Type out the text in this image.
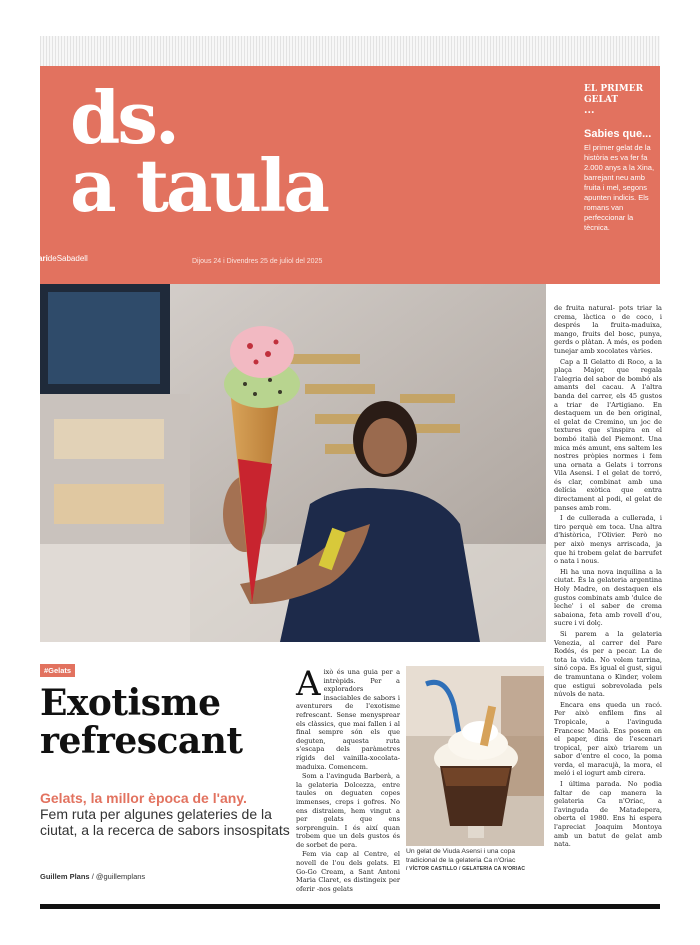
ds.
a taula
DiarideSabadell	Dijous 24 i Divendres 25 de juliol del 2025
EL PRIMER GELAT
...
Sabies que...
El primer gelat de la història es va fer fa 2.000 anys a la Xina, barrejant neu amb fruita i mel, segons apunten indicis. Els romans van perfeccionar la tècnica.

de fruita natural- pots triar la crema, làctica o de coco, i després la fruita-maduixa, mango, fruits del bosc, punya, gerds o plàtan. A més, es poden tunejar amb xocolates vàries.

Cap a Il Gelatto di Roco, a la plaça Major, que regala l'alegria del sabor de bombó als amants del cacau. A l'altra banda del carrer, els 45 gustos a triar de l'Artigiano. En destaquem un de ben original, el gelat de Cremino, un joc de textures que s'inspira en el bombó italià del Piemont. Una mica més amunt, ens saltem les nostres pròpies normes i fem una ornata a Gelats i torrons Vila Asensi. I el gelat de torró, és clar, combinat amb una delícia exòtica que entra directament al podi, el gelat de panses amb rom.

I de cullerada a cullerada, i tiro perquè em toca. Una altra d'històrica, l'Olivier. Però no per això menys arriscada, ja que hi trobem gelat de barrufet o nata i nous.

Hi ha una nova inquilina a la ciutat. És la gelateria argentina Holy Madre, on destaquen els gustos combinats amb 'dulce de leche' i el saber de crema sabaiona, feta amb rovell d'ou, sucre i vi dolç.

Si parem a la gelateria Venezia, al carrer del Pare Rodés, és per a pecar. La de tota la vida. No volem tarrina, sinó copa. Es igual el gust, sigui de tramuntana o Kinder, volem que estigui sobrevolada pels núvols de nata.

Encara ens queda un racó. Per això enfilem fins al Tropicale, a l'avinguda Francesc Macià. Ens posem en el paper, dins de l'escenari tropical, per això triarem un sabor d'entre el coco, la poma verda, el maracujà, la mora, el meló i el iogurt amb cirera.

I última parada. No podia faltar de cap manera la gelateria Ca n'Oriac, a l'avinguda de Matadepera, oberta el 1980. Ens hi espera l'apreciat Joaquim Montoya amb un batut de gelat amb nata.

#Gelats
Exotisme refrescant
Gelats, la millor època de l'any.
Fem ruta per algunes gelateries de la ciutat, a la recerca de sabors insospitats
Guillem Plans / @guillemplans

Això és una guia per a intrèpids. Per a exploradors insaciables de sabors i aventurers de l'exotisme refrescant. Sense menysprear els clàssics, que mai fallen i al final sempre són els que deguten, aquesta ruta s'escapa dels paràmetres rígids del vainilla-xocolata-maduixa. Comencem.

Som a l'avinguda Barberà, a la gelateria Dolcezza, entre taules on deguaten copes immenses, creps i gofres. No ens distraiem, hem vingut a per gelats que ens sorprenguin. I és així quan trobem que un dels gustos és de sorbet de pera.

Fem via cap al Centre, el novell de l'ou dels gelats. El Go-Go Cream, a Sant Antoni Maria Claret, es distingeix per oferir -nos gelats

Un gelat de Viuda Asensi i una copa tradicional de la gelateria Ca n'Oriac
/ VÍCTOR CASTILLO / GELATERIA CA N'ORIAC
